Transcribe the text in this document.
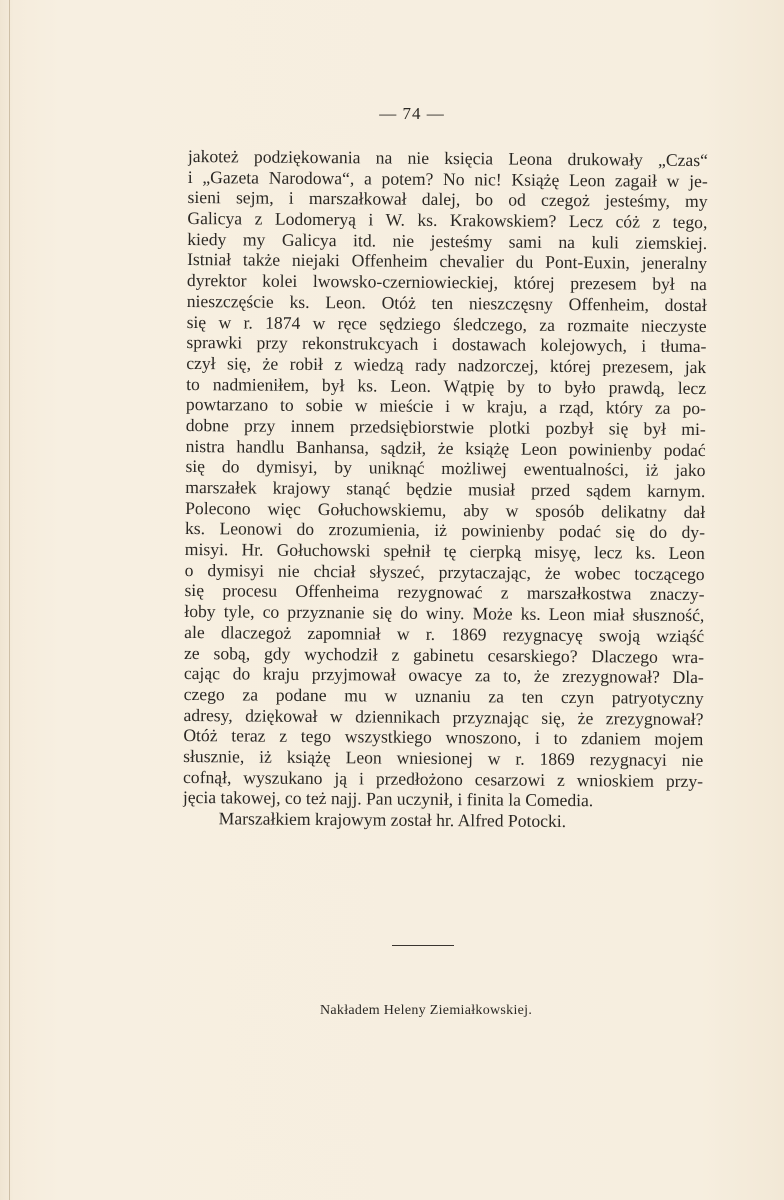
— 74 —
jakoteż podziękowania na nie księcia Leona drukowały „Czas“
i „Gazeta Narodowa“, a potem? No nic! Książę Leon zagaił w je-
sieni sejm, i marszałkował dalej, bo od czegoż jesteśmy, my
Galicya z Lodomeryą i W. ks. Krakowskiem? Lecz cóż z tego,
kiedy my Galicya itd. nie jesteśmy sami na kuli ziemskiej.
Istniał także niejaki Offenheim chevalier du Pont-Euxin, jeneralny
dyrektor kolei lwowsko-czerniowieckiej, której prezesem był na
nieszczęście ks. Leon. Otóż ten nieszczęsny Offenheim, dostał
się w r. 1874 w ręce sędziego śledczego, za rozmaite nieczyste
sprawki przy rekonstrukcyach i dostawach kolejowych, i tłuma-
czył się, że robił z wiedzą rady nadzorczej, której prezesem, jak
to nadmieniłem, był ks. Leon. Wątpię by to było prawdą, lecz
powtarzano to sobie w mieście i w kraju, a rząd, który za po-
dobne przy innem przedsiębiorstwie plotki pozbył się był mi-
nistra handlu Banhansa, sądził, że książę Leon powinienby podać
się do dymisyi, by uniknąć możliwej ewentualności, iż jako
marszałek krajowy stanąć będzie musiał przed sądem karnym.
Polecono więc Gołuchowskiemu, aby w sposób delikatny dał
ks. Leonowi do zrozumienia, iż powinienby podać się do dy-
misyi. Hr. Gołuchowski spełnił tę cierpką misyę, lecz ks. Leon
o dymisyi nie chciał słyszeć, przytaczając, że wobec toczącego
się procesu Offenheima rezygnować z marszałkostwa znaczy-
łoby tyle, co przyznanie się do winy. Może ks. Leon miał słuszność,
ale dlaczegoż zapomniał w r. 1869 rezygnacyę swoją wziąść
ze sobą, gdy wychodził z gabinetu cesarskiego? Dlaczego wra-
cając do kraju przyjmował owacye za to, że zrezygnował? Dla-
czego za podane mu w uznaniu za ten czyn patryotyczny
adresy, dziękował w dziennikach przyznając się, że zrezygnował?
Otóż teraz z tego wszystkiego wnoszono, i to zdaniem mojem
słusznie, iż książę Leon wniesionej w r. 1869 rezygnacyi nie
cofnął, wyszukano ją i przedłożono cesarzowi z wnioskiem przy-
jęcia takowej, co też najj. Pan uczynił, i finita la Comedia.
Marszałkiem krajowym został hr. Alfred Potocki.
Nakładem Heleny Ziemiałkowskiej.
